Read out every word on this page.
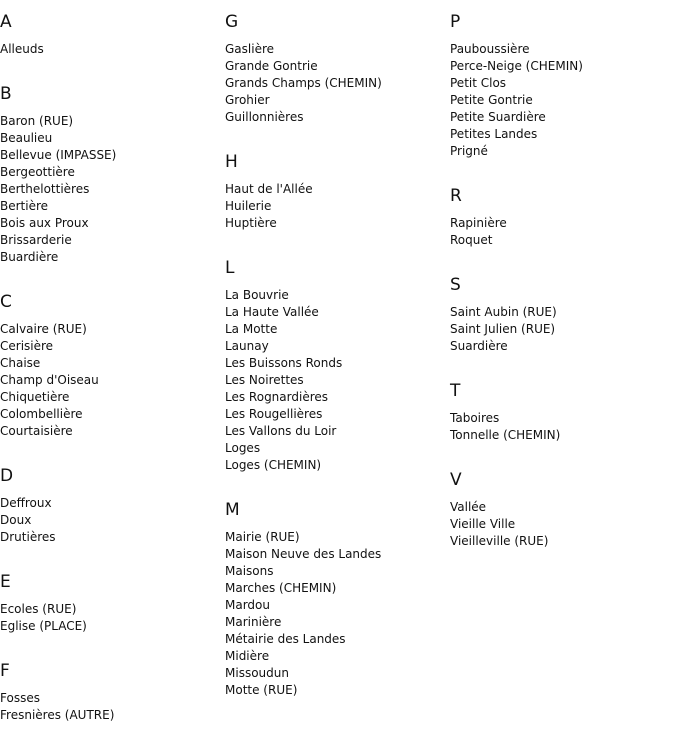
A
Alleuds
B
Baron (RUE)
Beaulieu
Bellevue (IMPASSE)
Bergeottière
Berthelottières
Bertière
Bois aux Proux
Brissarderie
Buardière
C
Calvaire (RUE)
Cerisière
Chaise
Champ d'Oiseau
Chiquetière
Colombellière
Courtaisière
D
Deffroux
Doux
Drutières
E
Ecoles (RUE)
Eglise (PLACE)
F
Fosses
Fresnières (AUTRE)
G
Gaslière
Grande Gontrie
Grands Champs (CHEMIN)
Grohier
Guillonnières
H
Haut de l'Allée
Huilerie
Huptière
L
La Bouvrie
La Haute Vallée
La Motte
Launay
Les Buissons Ronds
Les Noirettes
Les Rognardières
Les Rougellières
Les Vallons du Loir
Loges
Loges (CHEMIN)
M
Mairie (RUE)
Maison Neuve des Landes
Maisons
Marches (CHEMIN)
Mardou
Marinière
Métairie des Landes
Midière
Missoudun
Motte (RUE)
P
Pauboussière
Perce-Neige (CHEMIN)
Petit Clos
Petite Gontrie
Petite Suardière
Petites Landes
Prigné
R
Rapinière
Roquet
S
Saint Aubin (RUE)
Saint Julien (RUE)
Suardière
T
Taboires
Tonnelle (CHEMIN)
V
Vallée
Vieille Ville
Vieilleville (RUE)
